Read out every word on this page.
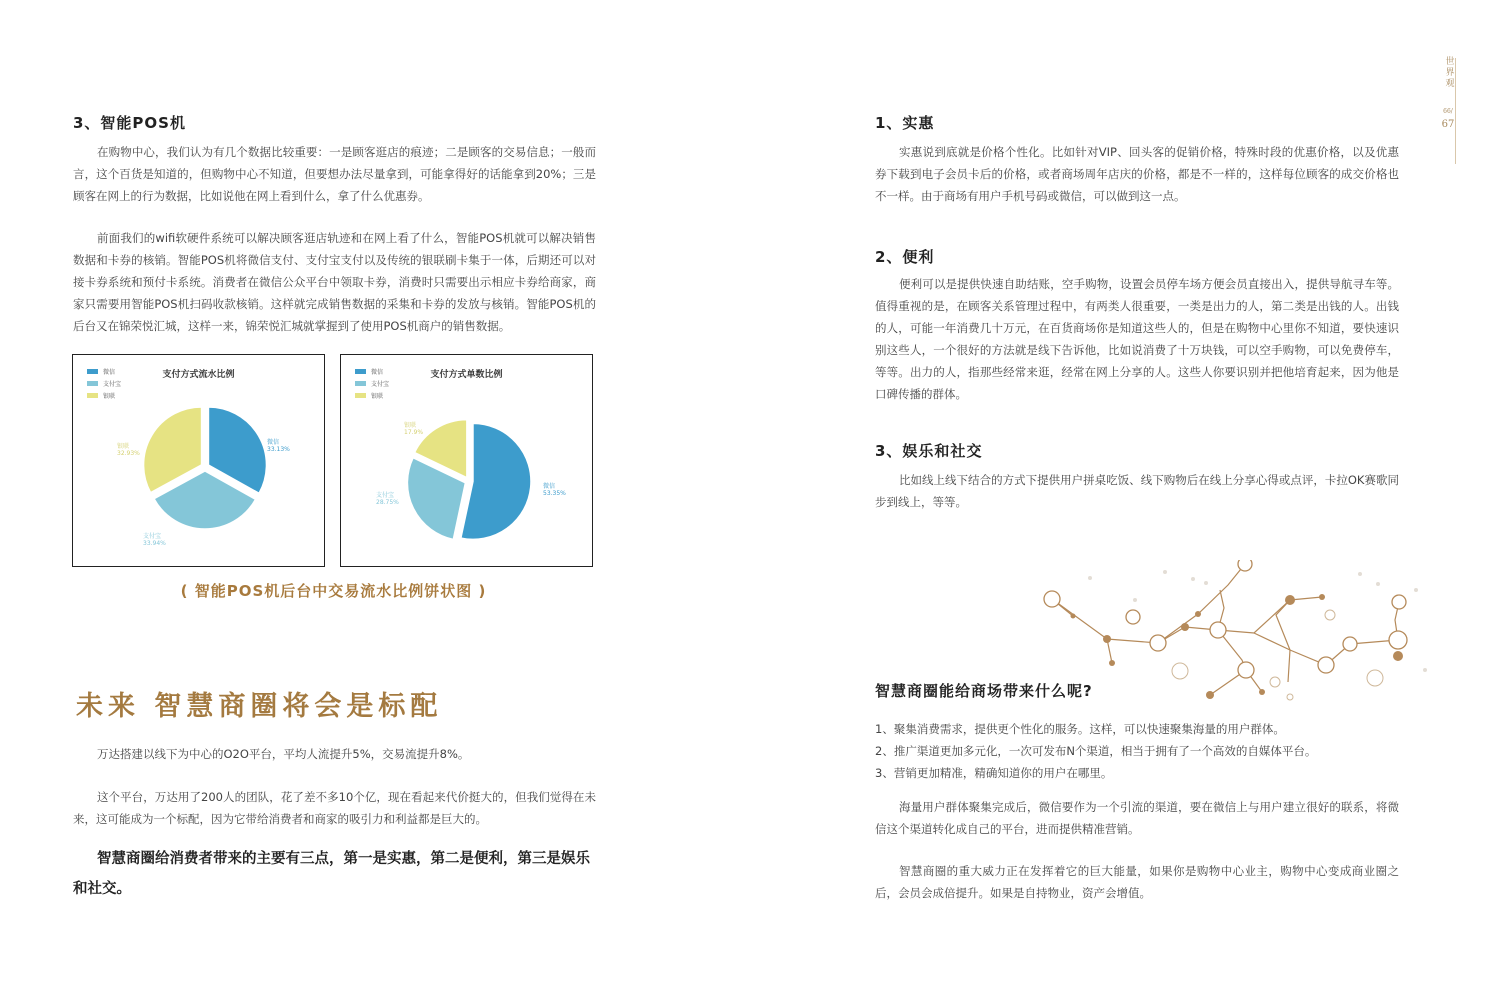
世界观
66/
67
3、智能POS机
在购物中心，我们认为有几个数据比较重要：一是顾客逛店的痕迹；二是顾客的交易信息；一般而言，这个百货是知道的，但购物中心不知道，但要想办法尽量拿到，可能拿得好的话能拿到20%；三是顾客在网上的行为数据，比如说他在网上看到什么，拿了什么优惠券。
前面我们的wifi软硬件系统可以解决顾客逛店轨迹和在网上看了什么，智能POS机就可以解决销售数据和卡券的核销。智能POS机将微信支付、支付宝支付以及传统的银联刷卡集于一体，后期还可以对接卡券系统和预付卡系统。消费者在微信公众平台中领取卡券，消费时只需要出示相应卡券给商家，商家只需要用智能POS机扫码收款核销。这样就完成销售数据的采集和卡券的发放与核销。智能POS机的后台又在锦荣悦汇城，这样一来，锦荣悦汇城就掌握到了使用POS机商户的销售数据。
微信
支付宝
银联
支付方式流水比例
微信
33.13%
支付宝
33.94%
银联
32.93%
微信
支付宝
银联
支付方式单数比例
微信
53.35%
支付宝
28.75%
银联
17.9%
( 智能POS机后台中交易流水比例饼状图 )
未来 智慧商圈将会是标配
万达搭建以线下为中心的O2O平台，平均人流提升5%，交易流提升8%。
这个平台，万达用了200人的团队，花了差不多10个亿，现在看起来代价挺大的，但我们觉得在未来，这可能成为一个标配，因为它带给消费者和商家的吸引力和利益都是巨大的。
智慧商圈给消费者带来的主要有三点，第一是实惠，第二是便利，第三是娱乐和社交。
1、实惠
实惠说到底就是价格个性化。比如针对VIP、回头客的促销价格，特殊时段的优惠价格，以及优惠券下载到电子会员卡后的价格，或者商场周年店庆的价格，都是不一样的，这样每位顾客的成交价格也不一样。由于商场有用户手机号码或微信，可以做到这一点。
2、便利
便利可以是提供快速自助结账，空手购物，设置会员停车场方便会员直接出入，提供导航寻车等。值得重视的是，在顾客关系管理过程中，有两类人很重要，一类是出力的人，第二类是出钱的人。出钱的人，可能一年消费几十万元，在百货商场你是知道这些人的，但是在购物中心里你不知道，要快速识别这些人，一个很好的方法就是线下告诉他，比如说消费了十万块钱，可以空手购物，可以免费停车，等等。出力的人，指那些经常来逛，经常在网上分享的人。这些人你要识别并把他培育起来，因为他是口碑传播的群体。
3、娱乐和社交
比如线上线下结合的方式下提供用户拼桌吃饭、线下购物后在线上分享心得或点评，卡拉OK赛歌同步到线上，等等。
智慧商圈能给商场带来什么呢?
1、聚集消费需求，提供更个性化的服务。这样，可以快速聚集海量的用户群体。
2、推广渠道更加多元化，一次可发布N个渠道，相当于拥有了一个高效的自媒体平台。
3、营销更加精准，精确知道你的用户在哪里。
海量用户群体聚集完成后，微信要作为一个引流的渠道，要在微信上与用户建立很好的联系，将微信这个渠道转化成自己的平台，进而提供精准营销。
智慧商圈的重大威力正在发挥着它的巨大能量，如果你是购物中心业主，购物中心变成商业圈之后，会员会成倍提升。如果是自持物业，资产会增值。
